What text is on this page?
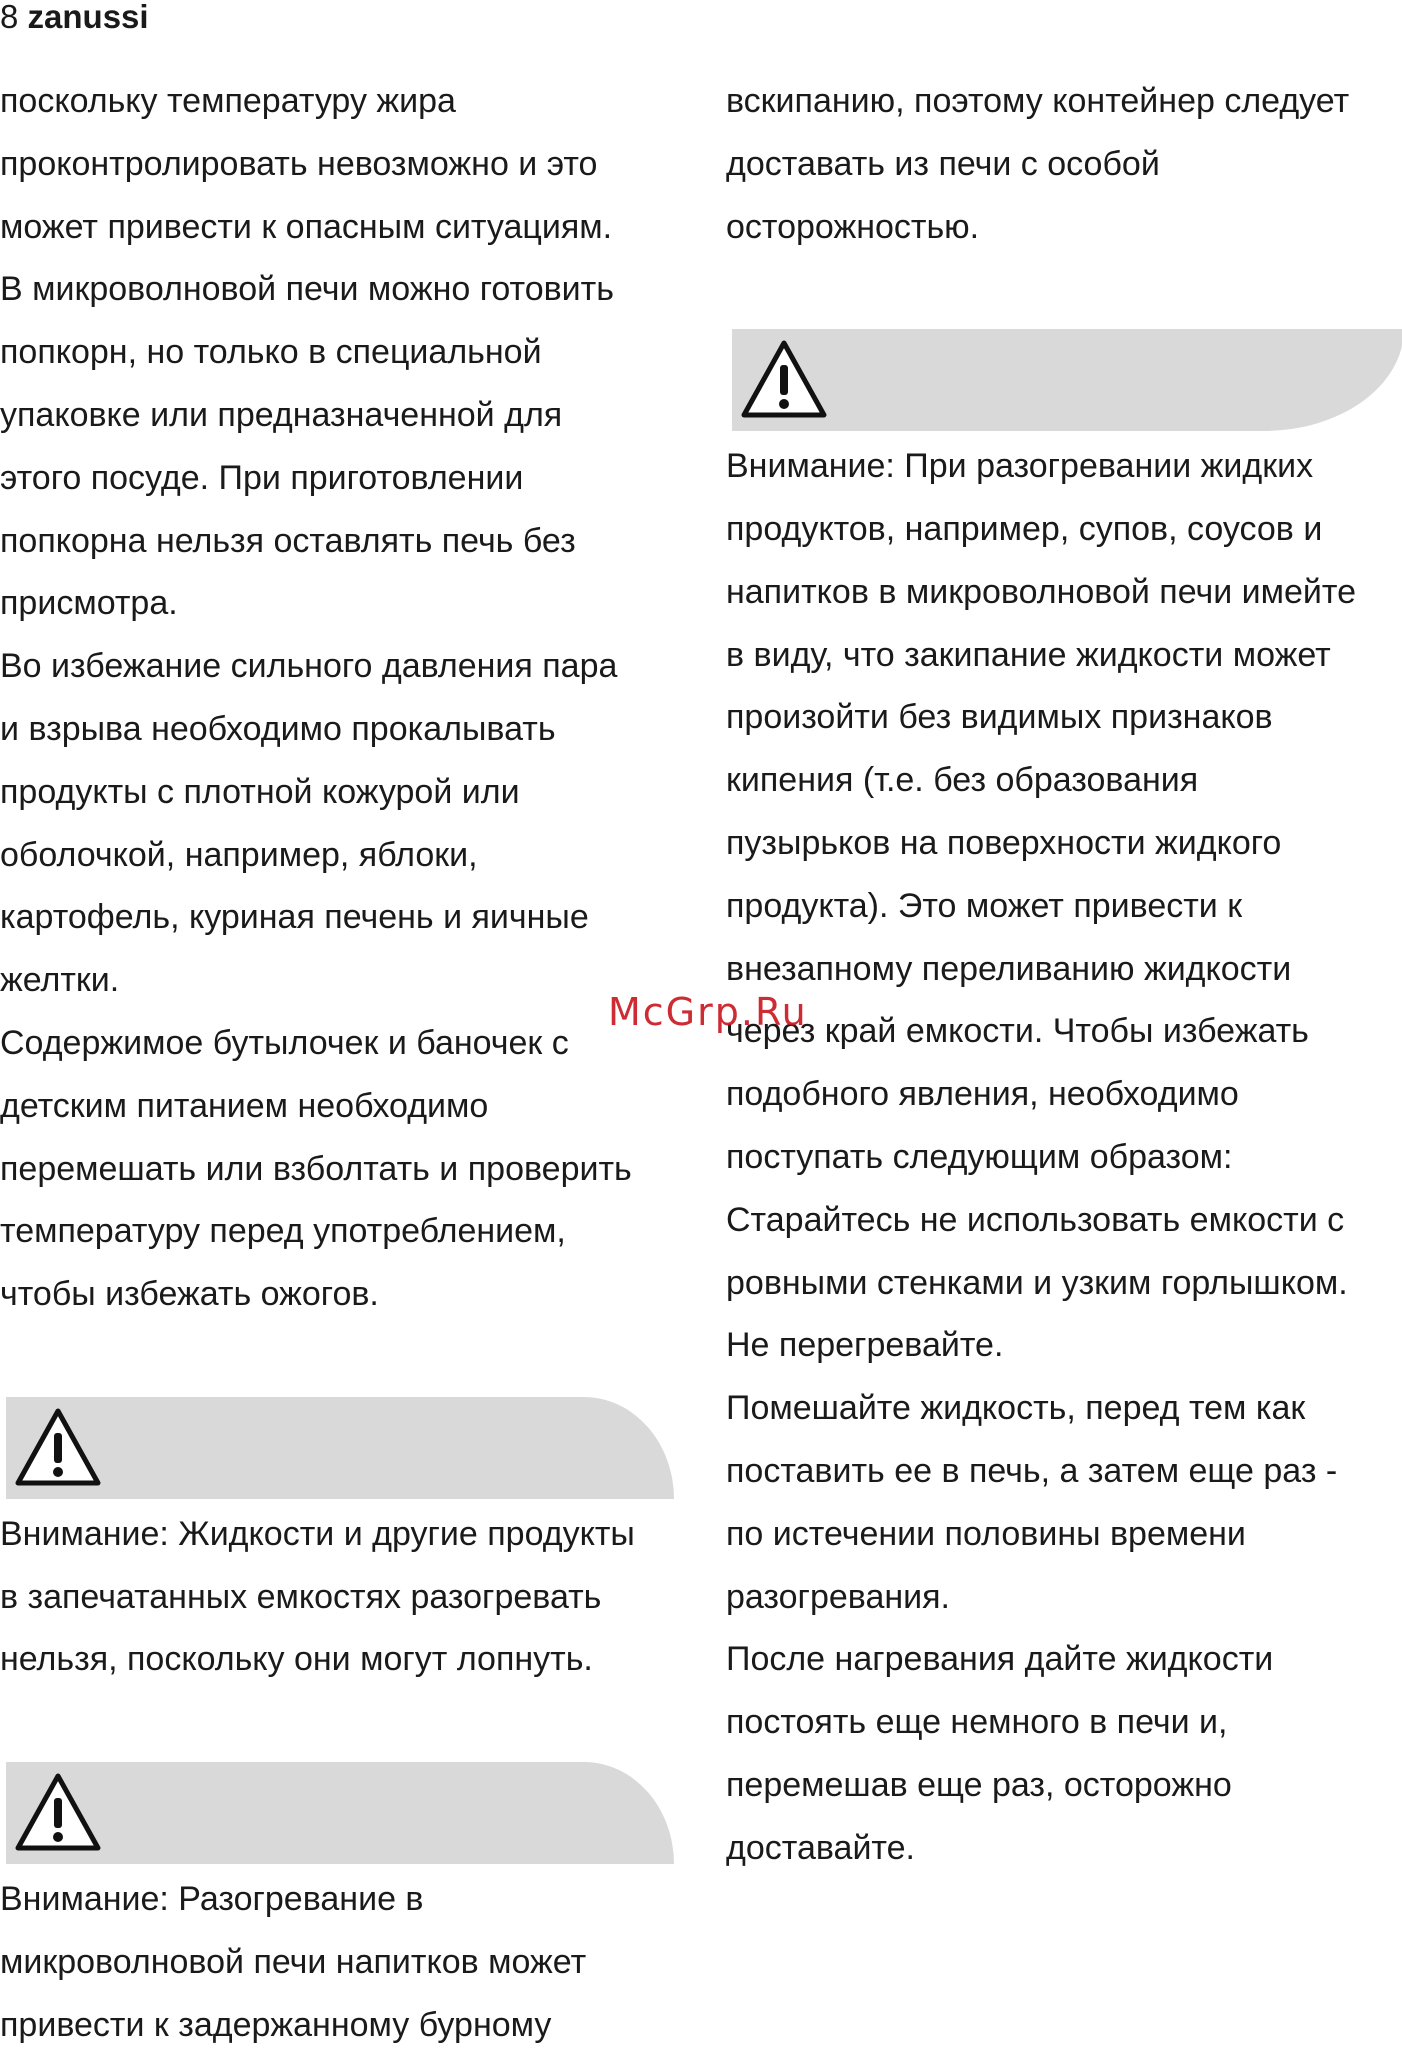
8 zanussi
поскольку температуру жира
проконтролировать невозможно и это
может привести к опасным ситуациям.
В микроволновой печи можно готовить
попкорн, но только в специальной
упаковке или предназначенной для
этого посуде. При приготовлении
попкорна нельзя оставлять печь без
присмотра.
Во избежание сильного давления пара
и взрыва необходимо прокалывать
продукты с плотной кожурой или
оболочкой, например, яблоки,
картофель, куриная печень и яичные
желтки.
Содержимое бутылочек и баночек с
детским питанием необходимо
перемешать или взболтать и проверить
температуру перед употреблением,
чтобы избежать ожогов.
Внимание: Жидкости и другие продукты
в запечатанных емкостях разогревать
нельзя, поскольку они могут лопнуть.
Внимание: Разогревание в
микроволновой печи напитков может
привести к задержанному бурному
вскипанию, поэтому контейнер следует
доставать из печи с особой
осторожностью.
Внимание: При разогревании жидких
продуктов, например, супов, соусов и
напитков в микроволновой печи имейте
в виду, что закипание жидкости может
произойти без видимых признаков
кипения (т.е. без образования
пузырьков на поверхности жидкого
продукта). Это может привести к
внезапному переливанию жидкости
через край емкости. Чтобы избежать
подобного явления, необходимо
поступать следующим образом:
Старайтесь не использовать емкости с
ровными стенками и узким горлышком.
Не перегревайте.
Помешайте жидкость, перед тем как
поставить ее в печь, а затем еще раз -
по истечении половины времени
разогревания.
После нагревания дайте жидкости
постоять еще немного в печи и,
перемешав еще раз, осторожно
доставайте.
McGrp.Ru
